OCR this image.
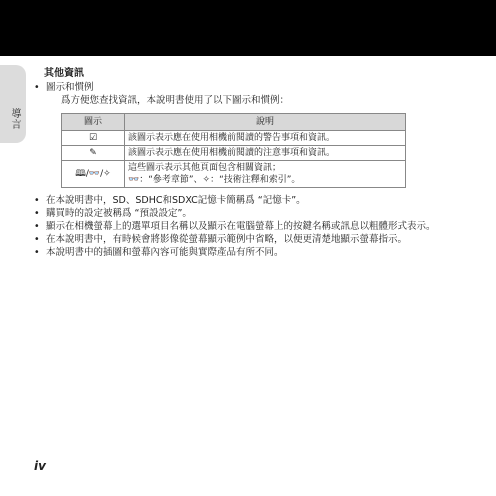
導言
其他資訊
• 圖示和慣例
爲方便您查找資訊，本說明書使用了以下圖示和慣例：
圖示	說明
☑	該圖示表示應在使用相機前閱讀的警告事項和資訊。
✎	該圖示表示應在使用相機前閱讀的注意事項和資訊。
🕮/👓/✧	這些圖示表示其他頁面包含相關資訊；
👓：“參考章節”、✧：“技術注釋和索引”。
• 在本說明書中，SD、SDHC和SDXC記憶卡簡稱爲 “記憶卡”。
• 購買時的設定被稱爲 “預設設定”。
• 顯示在相機螢幕上的選單項目名稱以及顯示在電腦螢幕上的按鍵名稱或訊息以粗體形式表示。
• 在本說明書中，有時候會將影像從螢幕顯示範例中省略，以便更清楚地顯示螢幕指示。
• 本說明書中的插圖和螢幕內容可能與實際產品有所不同。
iv
